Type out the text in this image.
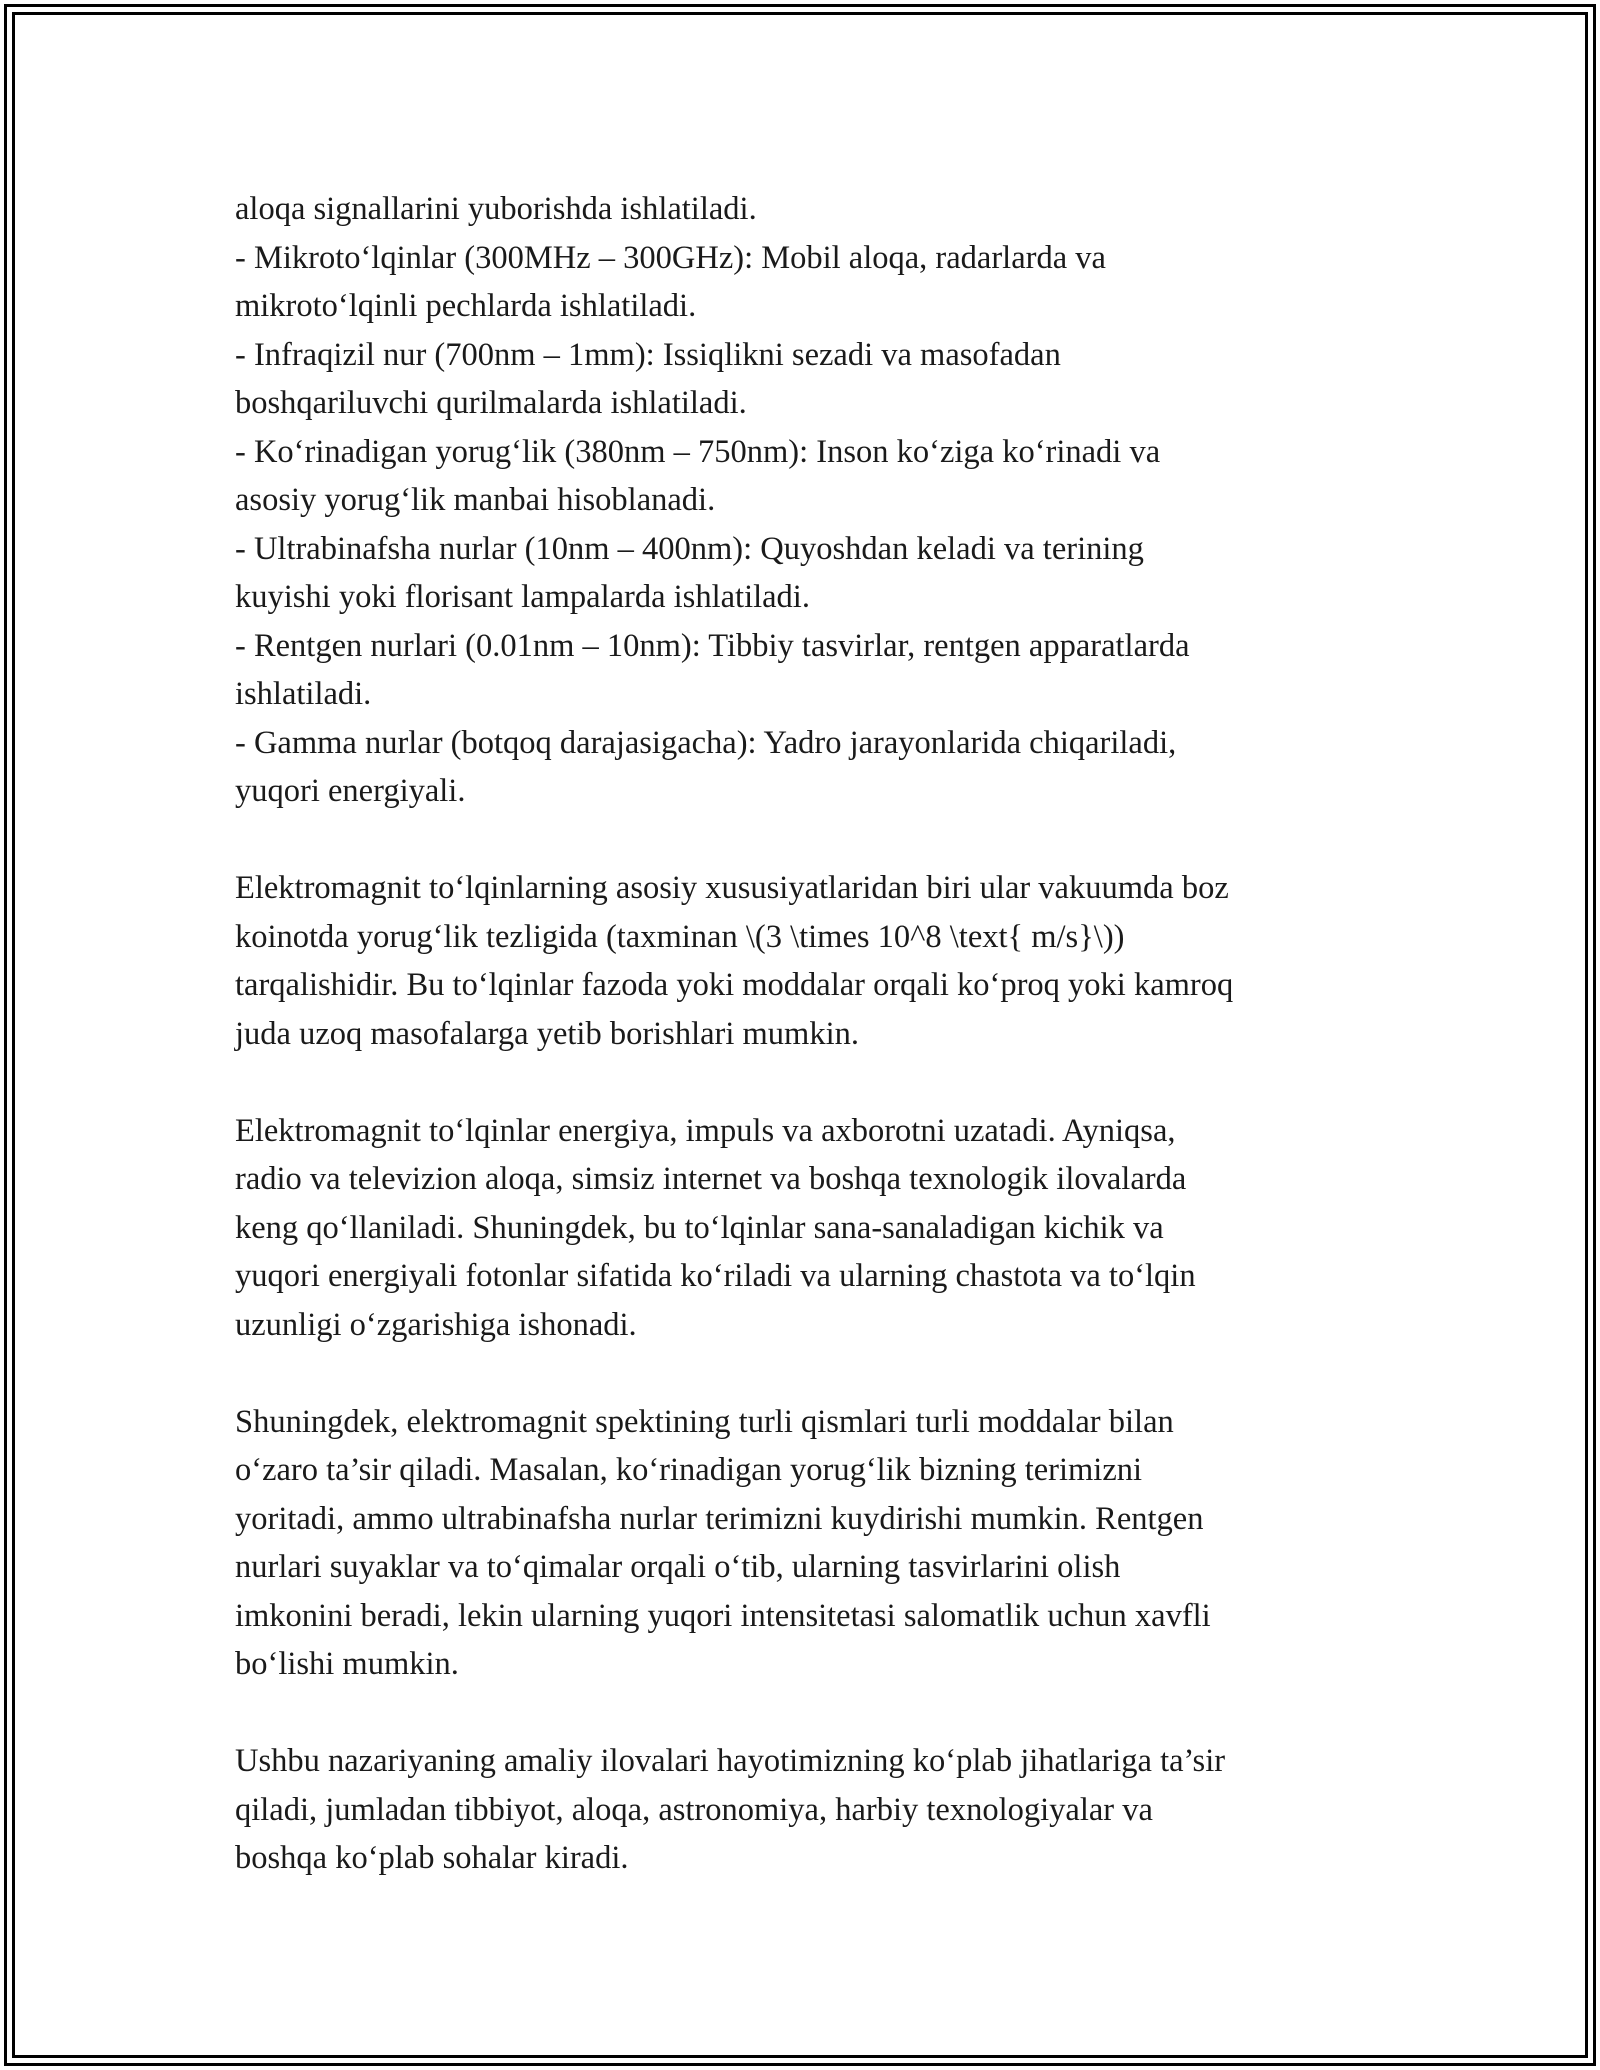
aloqa signallarini yuborishda ishlatiladi.
- Mikroto‘lqinlar (300MHz – 300GHz): Mobil aloqa, radarlarda va
mikroto‘lqinli pechlarda ishlatiladi.
- Infraqizil nur (700nm – 1mm): Issiqlikni sezadi va masofadan
boshqariluvchi qurilmalarda ishlatiladi.
- Ko‘rinadigan yorug‘lik (380nm – 750nm): Inson ko‘ziga ko‘rinadi va
asosiy yorug‘lik manbai hisoblanadi.
- Ultrabinafsha nurlar (10nm – 400nm): Quyoshdan keladi va terining
kuyishi yoki florisant lampalarda ishlatiladi.
- Rentgen nurlari (0.01nm – 10nm): Tibbiy tasvirlar, rentgen apparatlarda
ishlatiladi.
- Gamma nurlar (botqoq darajasigacha): Yadro jarayonlarida chiqariladi,
yuqori energiyali.
Elektromagnit to‘lqinlarning asosiy xususiyatlaridan biri ular vakuumda boz
koinotda yorug‘lik tezligida (taxminan \(3 \times 10^8 \text{ m/s}\))
tarqalishidir. Bu to‘lqinlar fazoda yoki moddalar orqali ko‘proq yoki kamroq
juda uzoq masofalarga yetib borishlari mumkin.
Elektromagnit to‘lqinlar energiya, impuls va axborotni uzatadi. Ayniqsa,
radio va televizion aloqa, simsiz internet va boshqa texnologik ilovalarda
keng qo‘llaniladi. Shuningdek, bu to‘lqinlar sana-sanaladigan kichik va
yuqori energiyali fotonlar sifatida ko‘riladi va ularning chastota va to‘lqin
uzunligi o‘zgarishiga ishonadi.
Shuningdek, elektromagnit spektining turli qismlari turli moddalar bilan
o‘zaro ta’sir qiladi. Masalan, ko‘rinadigan yorug‘lik bizning terimizni
yoritadi, ammo ultrabinafsha nurlar terimizni kuydirishi mumkin. Rentgen
nurlari suyaklar va to‘qimalar orqali o‘tib, ularning tasvirlarini olish
imkonini beradi, lekin ularning yuqori intensitetasi salomatlik uchun xavfli
bo‘lishi mumkin.
Ushbu nazariyaning amaliy ilovalari hayotimizning ko‘plab jihatlariga ta’sir
qiladi, jumladan tibbiyot, aloqa, astronomiya, harbiy texnologiyalar va
boshqa ko‘plab sohalar kiradi.
